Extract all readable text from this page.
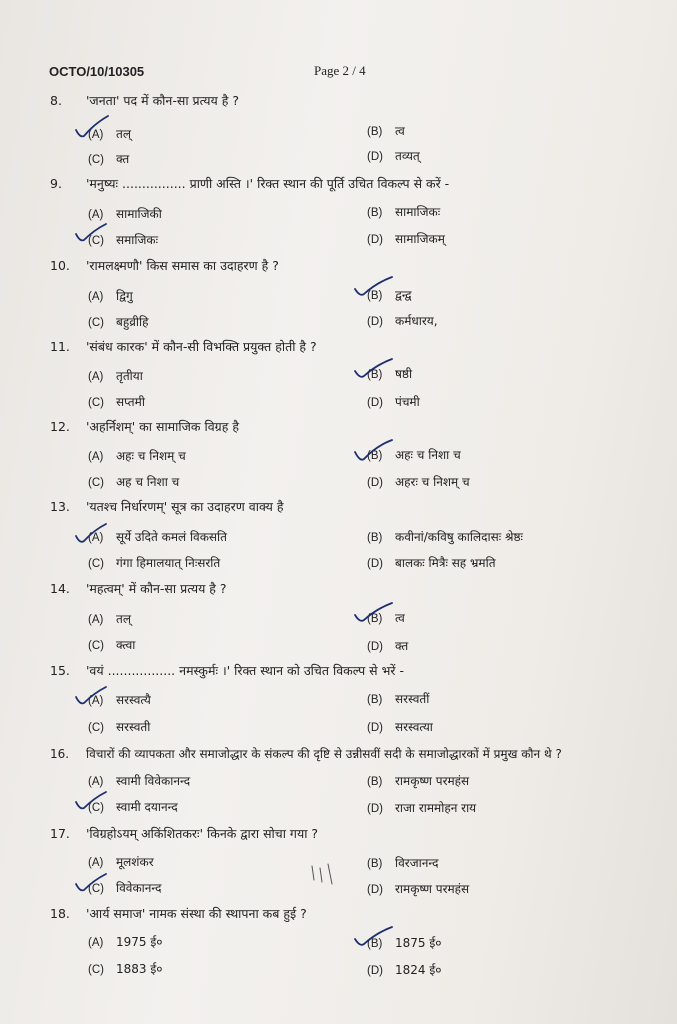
OCTO/10/10305	Page 2 / 4
8. 'जनता' पद में कौन-सा प्रत्यय है ?
(A) तल्	(B) त्व
(C) क्त	(D) तव्यत्
9. 'मनुष्यः ................ प्राणी अस्ति ।' रिक्त स्थान की पूर्ति उचित विकल्प से करें -
(A) सामाजिकी	(B) सामाजिकः
(C) समाजिकः	(D) सामाजिकम्
10. 'रामलक्ष्मणौ' किस समास का उदाहरण है ?
(A) द्विगु	(B) द्वन्द्व
(C) बहुव्रीहि	(D) कर्मधारय,
11. 'संबंध कारक' में कौन-सी विभक्ति प्रयुक्त होती है ?
(A) तृतीया	(B) षष्ठी
(C) सप्तमी	(D) पंचमी
12. 'अहर्निशम्' का सामाजिक विग्रह है
(A) अहः च निशम् च	(B) अहः च निशा च
(C) अह च निशा च	(D) अहरः च निशम् च
13. 'यतश्च निर्धारणम्' सूत्र का उदाहरण वाक्य है
(A) सूर्ये उदिते कमलं विकसति	(B) कवीनां/कविषु कालिदासः श्रेष्ठः
(C) गंगा हिमालयात् निःसरति	(D) बालकः मित्रैः सह भ्रमति
14. 'महत्वम्' में कौन-सा प्रत्यय है ?
(A) तल्	(B) त्व
(C) क्त्वा	(D) क्त
15. 'वयं ................. नमस्कुर्मः ।' रिक्त स्थान को उचित विकल्प से भरें -
(A) सरस्वत्यै	(B) सरस्वतीं
(C) सरस्वती	(D) सरस्वत्या
16. विचारों की व्यापकता और समाजोद्धार के संकल्प की दृष्टि से उन्नीसवीं सदी के समाजोद्धारकों में प्रमुख कौन थे ?
(A) स्वामी विवेकानन्द	(B) रामकृष्ण परमहंस
(C) स्वामी दयानन्द	(D) राजा राममोहन राय
17. 'विग्रहोऽयम् अकिंशितकरः' किनके द्वारा सोचा गया ?
(A) मूलशंकर	(B) विरजानन्द
(C) विवेकानन्द	(D) रामकृष्ण परमहंस
18. 'आर्य समाज' नामक संस्था की स्थापना कब हुई ?
(A) 1975 ई०	(B) 1875 ई०
(C) 1883 ई०	(D) 1824 ई०
